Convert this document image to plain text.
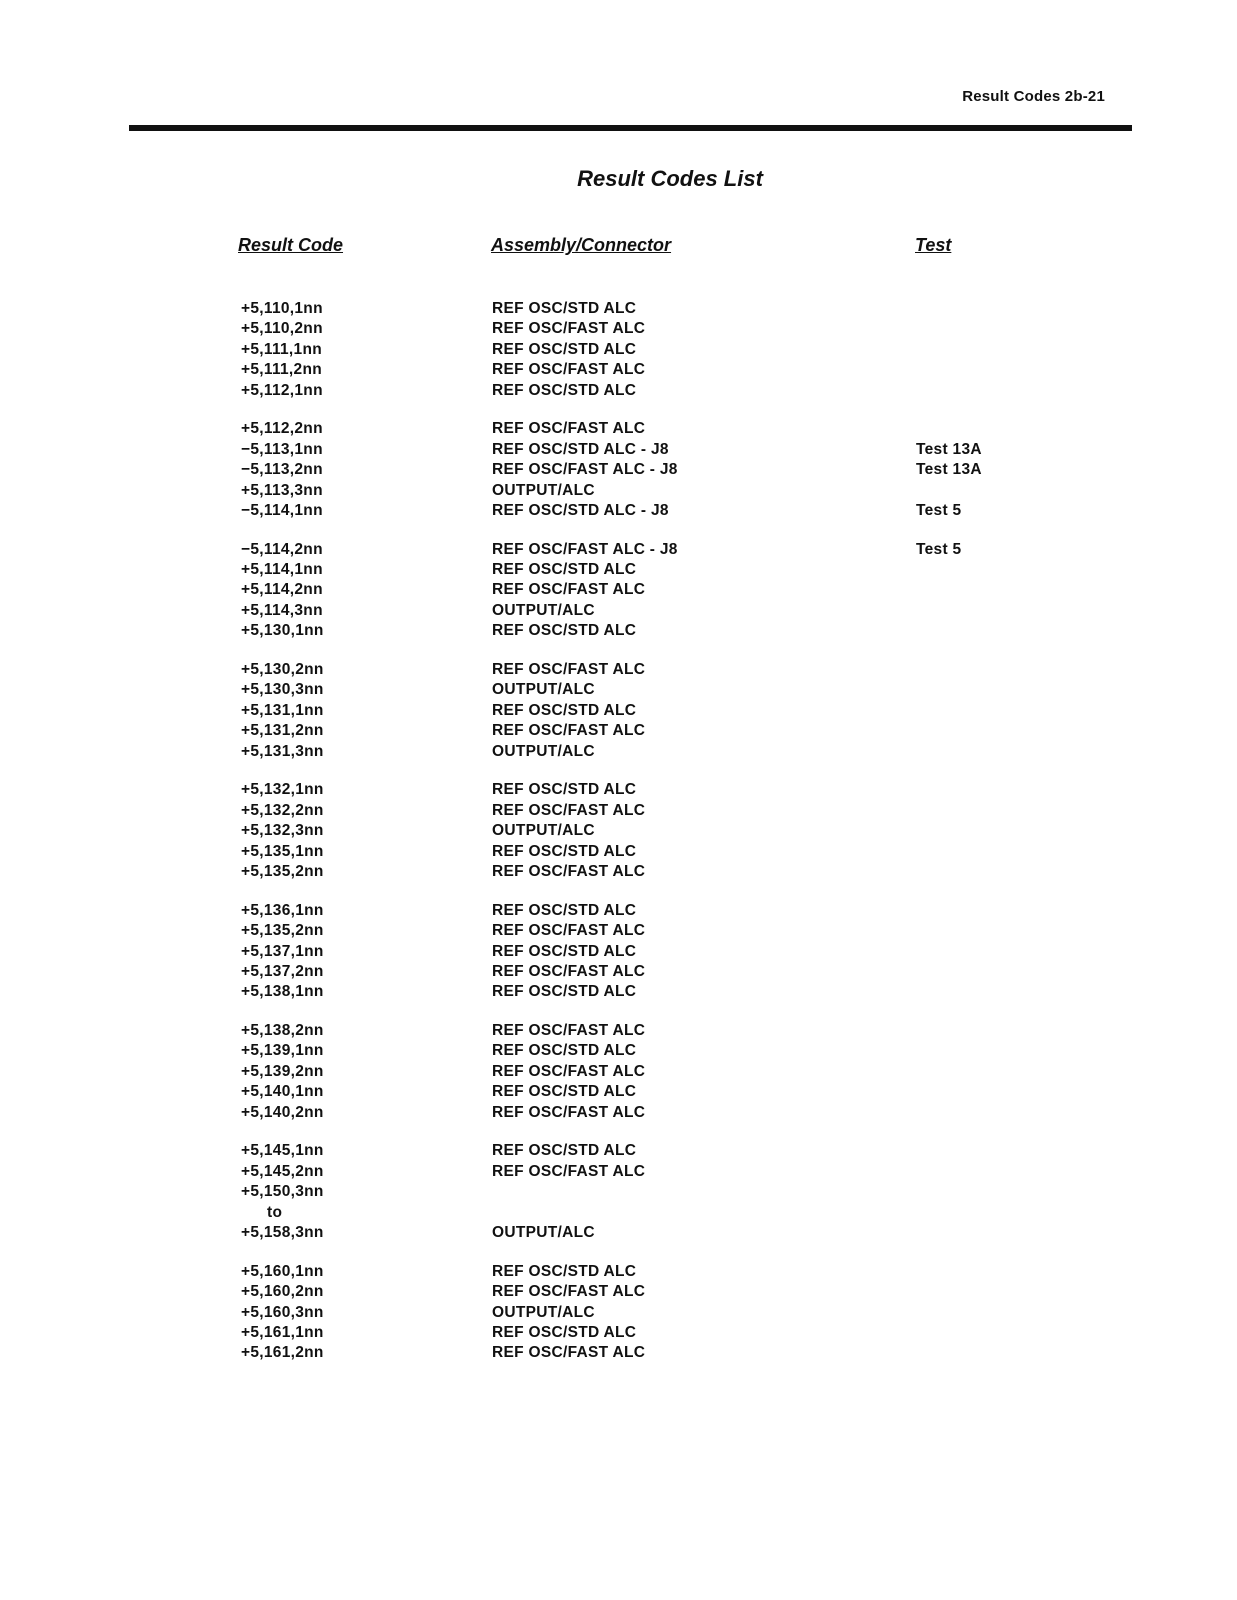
Result Codes 2b-21
Result Codes List
Result Code	Assembly/Connector	Test
+5,110,1nn	REF OSC/STD ALC
+5,110,2nn	REF OSC/FAST ALC
+5,111,1nn	REF OSC/STD ALC
+5,111,2nn	REF OSC/FAST ALC
+5,112,1nn	REF OSC/STD ALC
+5,112,2nn	REF OSC/FAST ALC
−5,113,1nn	REF OSC/STD ALC - J8	Test 13A
−5,113,2nn	REF OSC/FAST ALC - J8	Test 13A
+5,113,3nn	OUTPUT/ALC
−5,114,1nn	REF OSC/STD ALC - J8	Test 5
−5,114,2nn	REF OSC/FAST ALC - J8	Test 5
+5,114,1nn	REF OSC/STD ALC
+5,114,2nn	REF OSC/FAST ALC
+5,114,3nn	OUTPUT/ALC
+5,130,1nn	REF OSC/STD ALC
+5,130,2nn	REF OSC/FAST ALC
+5,130,3nn	OUTPUT/ALC
+5,131,1nn	REF OSC/STD ALC
+5,131,2nn	REF OSC/FAST ALC
+5,131,3nn	OUTPUT/ALC
+5,132,1nn	REF OSC/STD ALC
+5,132,2nn	REF OSC/FAST ALC
+5,132,3nn	OUTPUT/ALC
+5,135,1nn	REF OSC/STD ALC
+5,135,2nn	REF OSC/FAST ALC
+5,136,1nn	REF OSC/STD ALC
+5,135,2nn	REF OSC/FAST ALC
+5,137,1nn	REF OSC/STD ALC
+5,137,2nn	REF OSC/FAST ALC
+5,138,1nn	REF OSC/STD ALC
+5,138,2nn	REF OSC/FAST ALC
+5,139,1nn	REF OSC/STD ALC
+5,139,2nn	REF OSC/FAST ALC
+5,140,1nn	REF OSC/STD ALC
+5,140,2nn	REF OSC/FAST ALC
+5,145,1nn	REF OSC/STD ALC
+5,145,2nn	REF OSC/FAST ALC
+5,150,3nn
to
+5,158,3nn	OUTPUT/ALC
+5,160,1nn	REF OSC/STD ALC
+5,160,2nn	REF OSC/FAST ALC
+5,160,3nn	OUTPUT/ALC
+5,161,1nn	REF OSC/STD ALC
+5,161,2nn	REF OSC/FAST ALC
